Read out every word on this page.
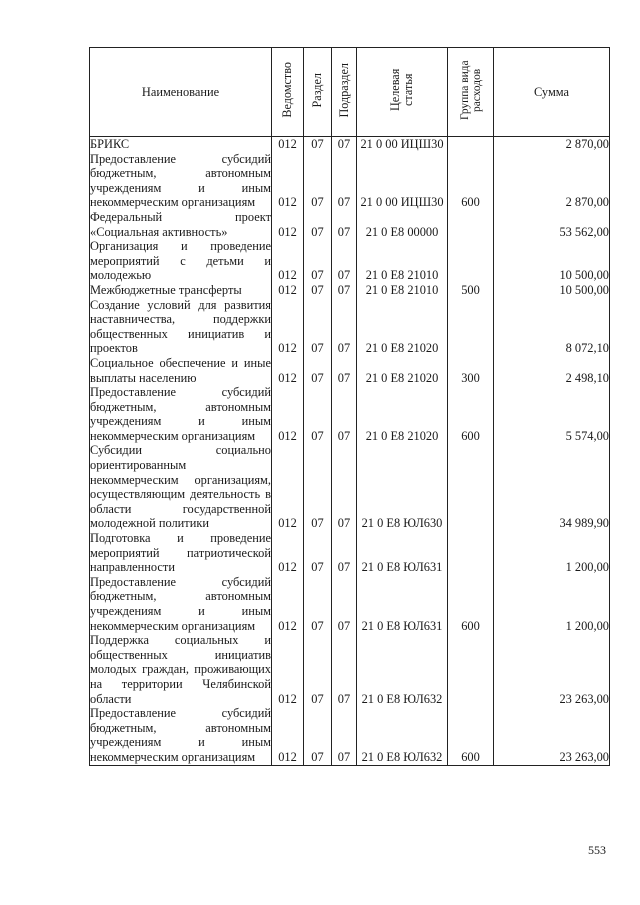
Наименование	Ведомство	Раздел	Подраздел	Целевая статья	Группа вида расходов	Сумма
БРИКС	012	07	07	21 0 00 ИЦШ30		2 870,00
Предоставление субсидий бюджетным, автономным учреждениям и иным некоммерческим организациям	012	07	07	21 0 00 ИЦШ30	600	2 870,00
Федеральный проект «Социальная активность»	012	07	07	21 0 E8 00000		53 562,00
Организация и проведение мероприятий с детьми и молодежью	012	07	07	21 0 E8 21010		10 500,00
Межбюджетные трансферты	012	07	07	21 0 E8 21010	500	10 500,00
Создание условий для развития наставничества, поддержки общественных инициатив и проектов	012	07	07	21 0 E8 21020		8 072,10
Социальное обеспечение и иные выплаты населению	012	07	07	21 0 E8 21020	300	2 498,10
Предоставление субсидий бюджетным, автономным учреждениям и иным некоммерческим организациям	012	07	07	21 0 E8 21020	600	5 574,00
Субсидии социально ориентированным некоммерческим организациям, осуществляющим деятельность в области государственной молодежной политики	012	07	07	21 0 E8 ЮЛ630		34 989,90
Подготовка и проведение мероприятий патриотической направленности	012	07	07	21 0 E8 ЮЛ631		1 200,00
Предоставление субсидий бюджетным, автономным учреждениям и иным некоммерческим организациям	012	07	07	21 0 E8 ЮЛ631	600	1 200,00
Поддержка социальных и общественных инициатив молодых граждан, проживающих на территории Челябинской области	012	07	07	21 0 E8 ЮЛ632		23 263,00
Предоставление субсидий бюджетным, автономным учреждениям и иным некоммерческим организациям	012	07	07	21 0 E8 ЮЛ632	600	23 263,00
553
